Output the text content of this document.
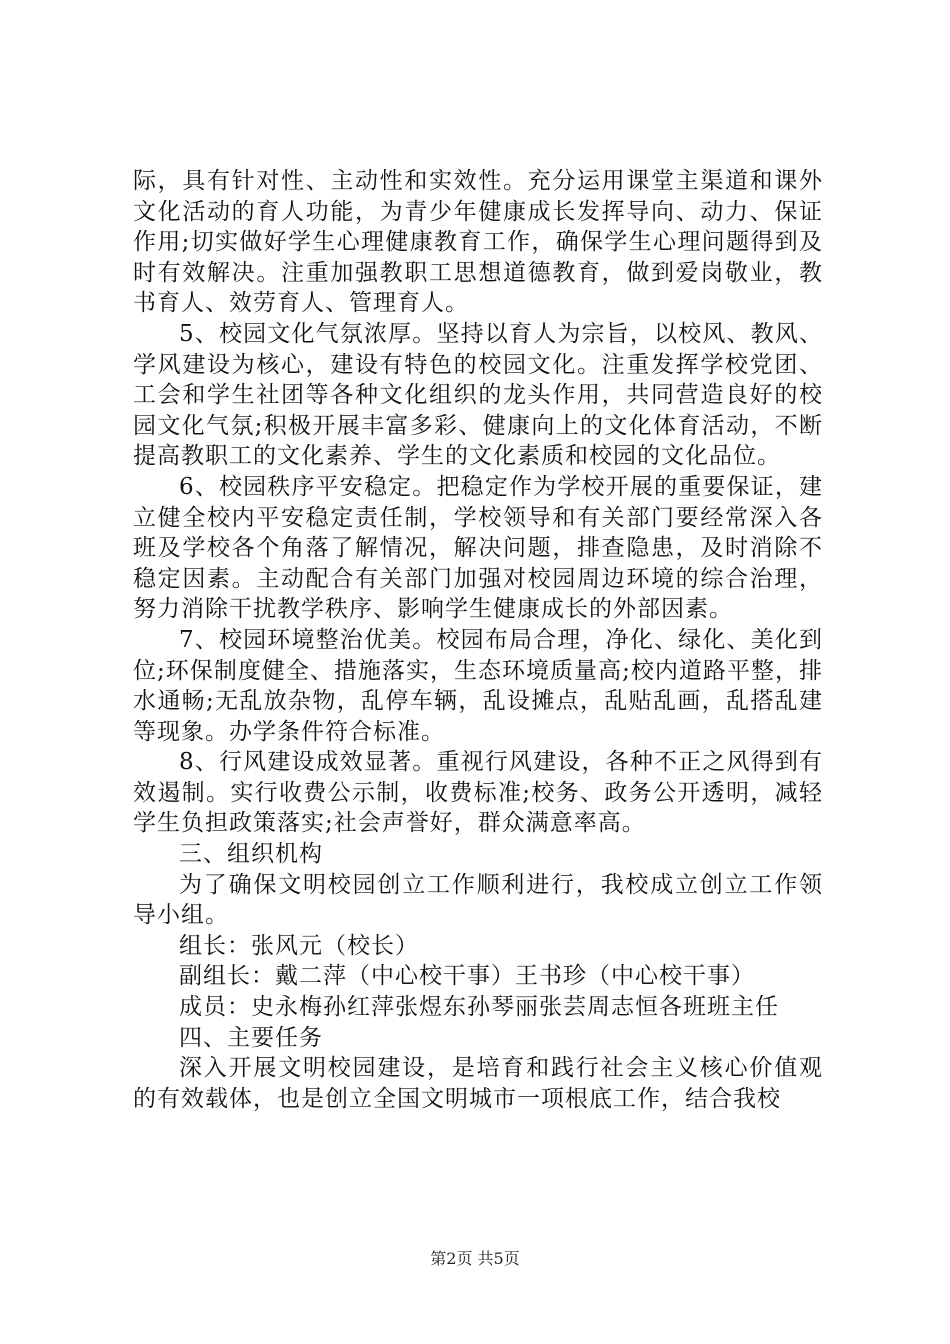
际，具有针对性、主动性和实效性。充分运用课堂主渠道和课外文化活动的育人功能，为青少年健康成长发挥导向、动力、保证作用;切实做好学生心理健康教育工作，确保学生心理问题得到及时有效解决。注重加强教职工思想道德教育，做到爱岗敬业，教书育人、效劳育人、管理育人。

5、校园文化气氛浓厚。坚持以育人为宗旨，以校风、教风、学风建设为核心，建设有特色的校园文化。注重发挥学校党团、工会和学生社团等各种文化组织的龙头作用，共同营造良好的校园文化气氛;积极开展丰富多彩、健康向上的文化体育活动，不断提高教职工的文化素养、学生的文化素质和校园的文化品位。

6、校园秩序平安稳定。把稳定作为学校开展的重要保证，建立健全校内平安稳定责任制，学校领导和有关部门要经常深入各班及学校各个角落了解情况，解决问题，排查隐患，及时消除不稳定因素。主动配合有关部门加强对校园周边环境的综合治理，努力消除干扰教学秩序、影响学生健康成长的外部因素。

7、校园环境整治优美。校园布局合理，净化、绿化、美化到位;环保制度健全、措施落实，生态环境质量高;校内道路平整，排水通畅;无乱放杂物，乱停车辆，乱设摊点，乱贴乱画，乱搭乱建等现象。办学条件符合标准。

8、行风建设成效显著。重视行风建设，各种不正之风得到有效遏制。实行收费公示制，收费标准;校务、政务公开透明，减轻学生负担政策落实;社会声誉好，群众满意率高。

三、组织机构

为了确保文明校园创立工作顺利进行，我校成立创立工作领导小组。

组长：张风元（校长）

副组长：戴二萍（中心校干事）王书珍（中心校干事）

成员：史永梅孙红萍张煜东孙琴丽张芸周志恒各班班主任

四、主要任务

深入开展文明校园建设，是培育和践行社会主义核心价值观的有效载体，也是创立全国文明城市一项根底工作，结合我校

第2页 共5页
